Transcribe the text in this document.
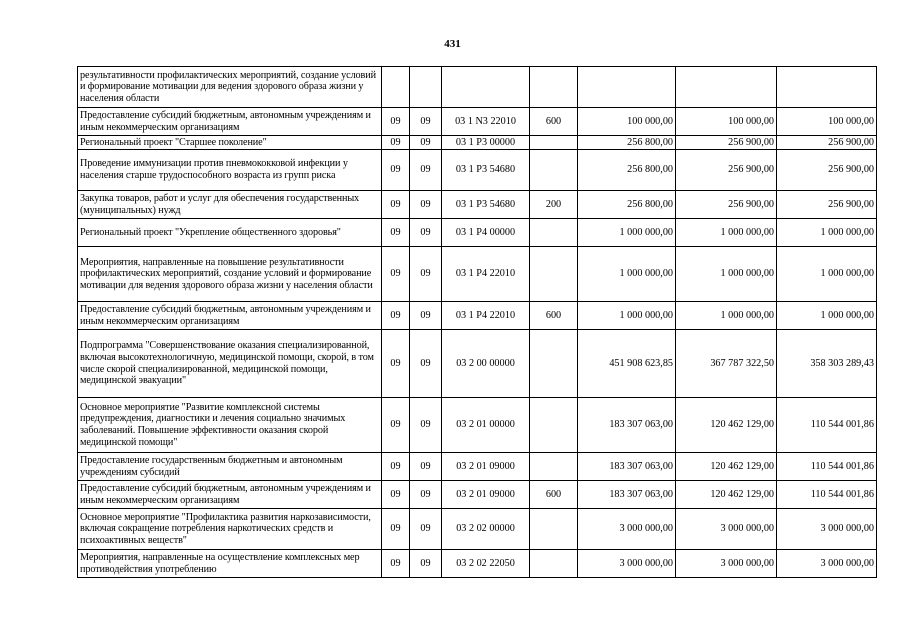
431
результативности профилактических мероприятий, создание условий и формирование мотивации для ведения здорового образа жизни у населения области							
Предоставление субсидий бюджетным, автономным учреждениям и иным некоммерческим организациям	09	09	03 1 N3 22010	600	100 000,00	100 000,00	100 000,00
Региональный проект "Старшее поколение"	09	09	03 1 P3 00000		256 800,00	256 900,00	256 900,00
Проведение иммунизации против пневмококковой инфекции у населения старше трудоспособного возраста из групп риска	09	09	03 1 P3 54680		256 800,00	256 900,00	256 900,00
Закупка товаров, работ и услуг для обеспечения государственных (муниципальных) нужд	09	09	03 1 P3 54680	200	256 800,00	256 900,00	256 900,00
Региональный проект "Укрепление общественного здоровья"	09	09	03 1 P4 00000		1 000 000,00	1 000 000,00	1 000 000,00
Мероприятия, направленные на повышение результативности профилактических мероприятий, создание условий и формирование мотивации для ведения здорового образа жизни у населения области	09	09	03 1 P4 22010		1 000 000,00	1 000 000,00	1 000 000,00
Предоставление субсидий бюджетным, автономным учреждениям и иным некоммерческим организациям	09	09	03 1 P4 22010	600	1 000 000,00	1 000 000,00	1 000 000,00
Подпрограмма "Совершенствование оказания специализированной, включая высокотехнологичную, медицинской помощи, скорой, в том числе скорой специализированной, медицинской помощи, медицинской эвакуации"	09	09	03 2 00 00000		451 908 623,85	367 787 322,50	358 303 289,43
Основное мероприятие "Развитие комплексной системы предупреждения, диагностики и лечения социально значимых заболеваний. Повышение эффективности оказания скорой медицинской помощи"	09	09	03 2 01 00000		183 307 063,00	120 462 129,00	110 544 001,86
Предоставление государственным бюджетным и автономным учреждениям субсидий	09	09	03 2 01 09000		183 307 063,00	120 462 129,00	110 544 001,86
Предоставление субсидий бюджетным, автономным учреждениям и иным некоммерческим организациям	09	09	03 2 01 09000	600	183 307 063,00	120 462 129,00	110 544 001,86
Основное мероприятие "Профилактика развития наркозависимости, включая сокращение потребления наркотических средств и психоактивных веществ"	09	09	03 2 02 00000		3 000 000,00	3 000 000,00	3 000 000,00
Мероприятия, направленные на осуществление комплексных мер противодействия употреблению	09	09	03 2 02 22050		3 000 000,00	3 000 000,00	3 000 000,00
